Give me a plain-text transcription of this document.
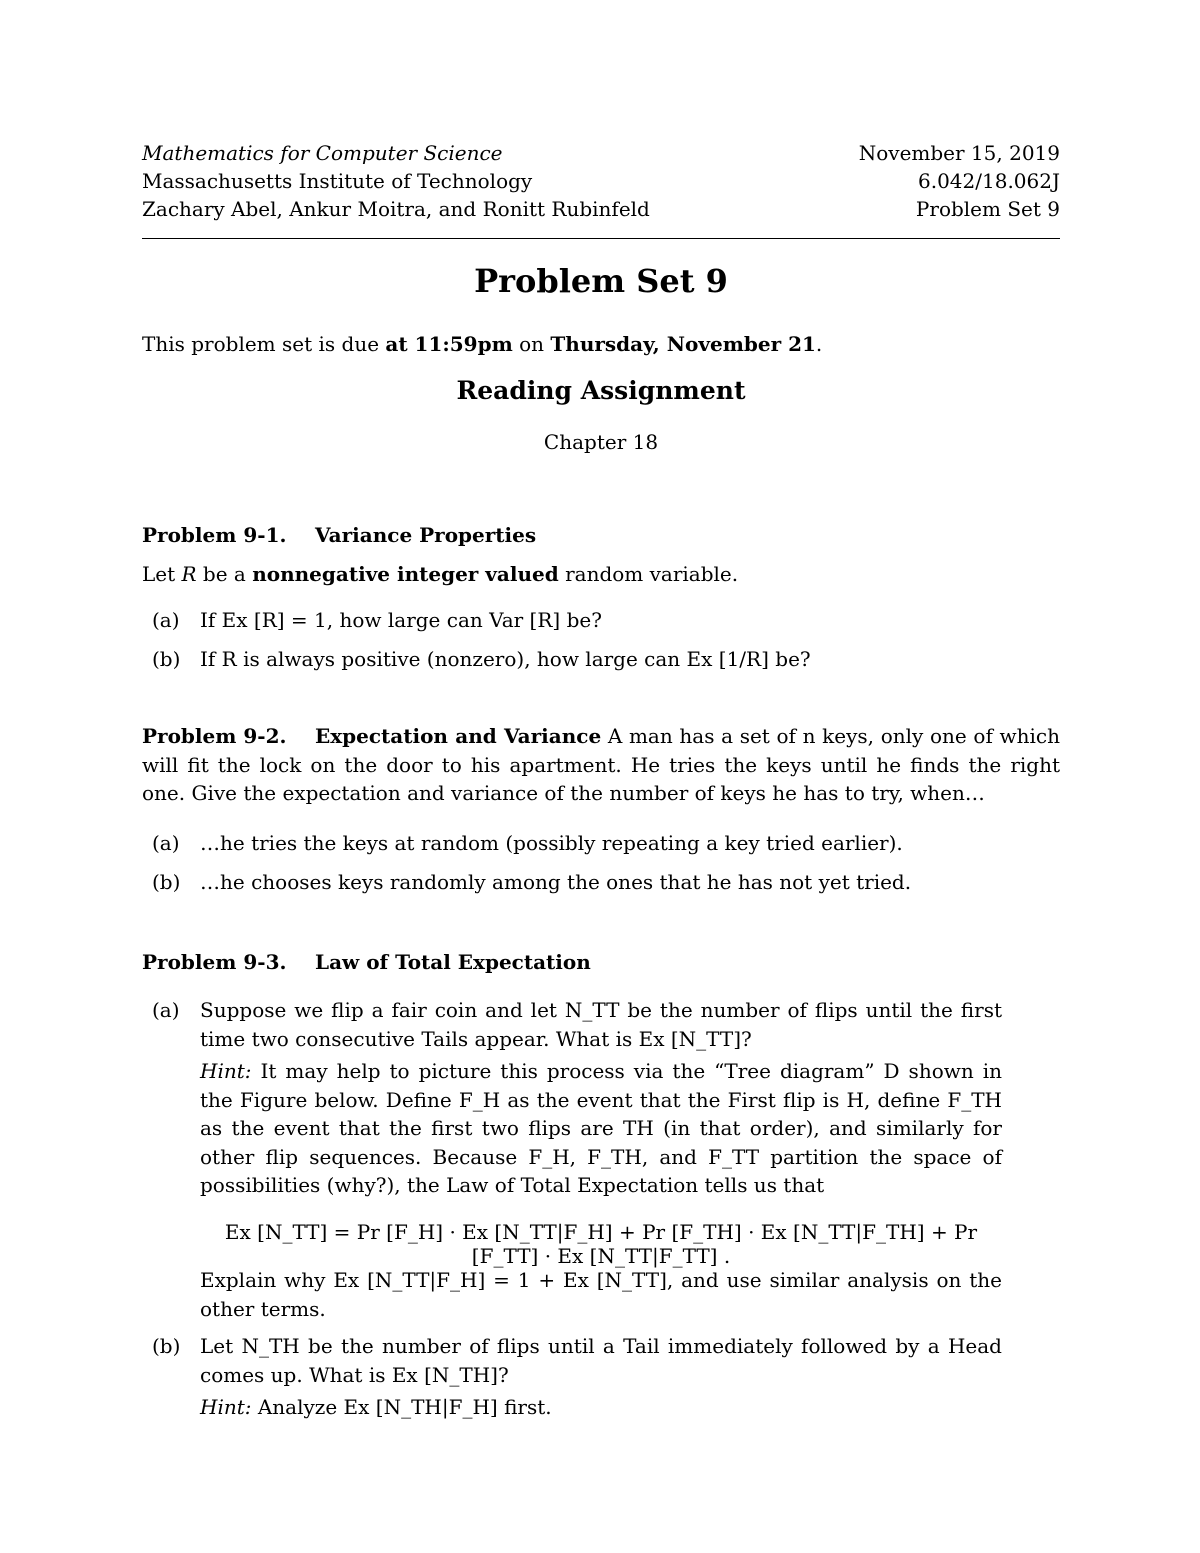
Mathematics for Computer Science	November 15, 2019
Massachusetts Institute of Technology	6.042/18.062J
Zachary Abel, Ankur Moitra, and Ronitt Rubinfeld	Problem Set 9
Problem Set 9
This problem set is due at 11:59pm on Thursday, November 21.
Reading Assignment
Chapter 18
Problem 9-1. Variance Properties
Let R be a nonnegative integer valued random variable.
(a) If Ex [R] = 1, how large can Var [R] be?
(b) If R is always positive (nonzero), how large can Ex [1/R] be?
Problem 9-2. Expectation and Variance A man has a set of n keys, only one of which will fit the lock on the door to his apartment. He tries the keys until he finds the right one. Give the expectation and variance of the number of keys he has to try, when…
(a) …he tries the keys at random (possibly repeating a key tried earlier).
(b) …he chooses keys randomly among the ones that he has not yet tried.
Problem 9-3. Law of Total Expectation
(a) Suppose we flip a fair coin and let N_TT be the number of flips until the first time two consecutive Tails appear. What is Ex [N_TT]?
Hint: It may help to picture this process via the “Tree diagram” D shown in the Figure below. Define F_H as the event that the First flip is H, define F_TH as the event that the first two flips are TH (in that order), and similarly for other flip sequences. Because F_H, F_TH, and F_TT partition the space of possibilities (why?), the Law of Total Expectation tells us that
Ex [N_TT] = Pr [F_H] · Ex [N_TT|F_H] + Pr [F_TH] · Ex [N_TT|F_TH] + Pr [F_TT] · Ex [N_TT|F_TT] .
Explain why Ex [N_TT|F_H] = 1 + Ex [N_TT], and use similar analysis on the other terms.
(b) Let N_TH be the number of flips until a Tail immediately followed by a Head comes up. What is Ex [N_TH]?
Hint: Analyze Ex [N_TH|F_H] first.
